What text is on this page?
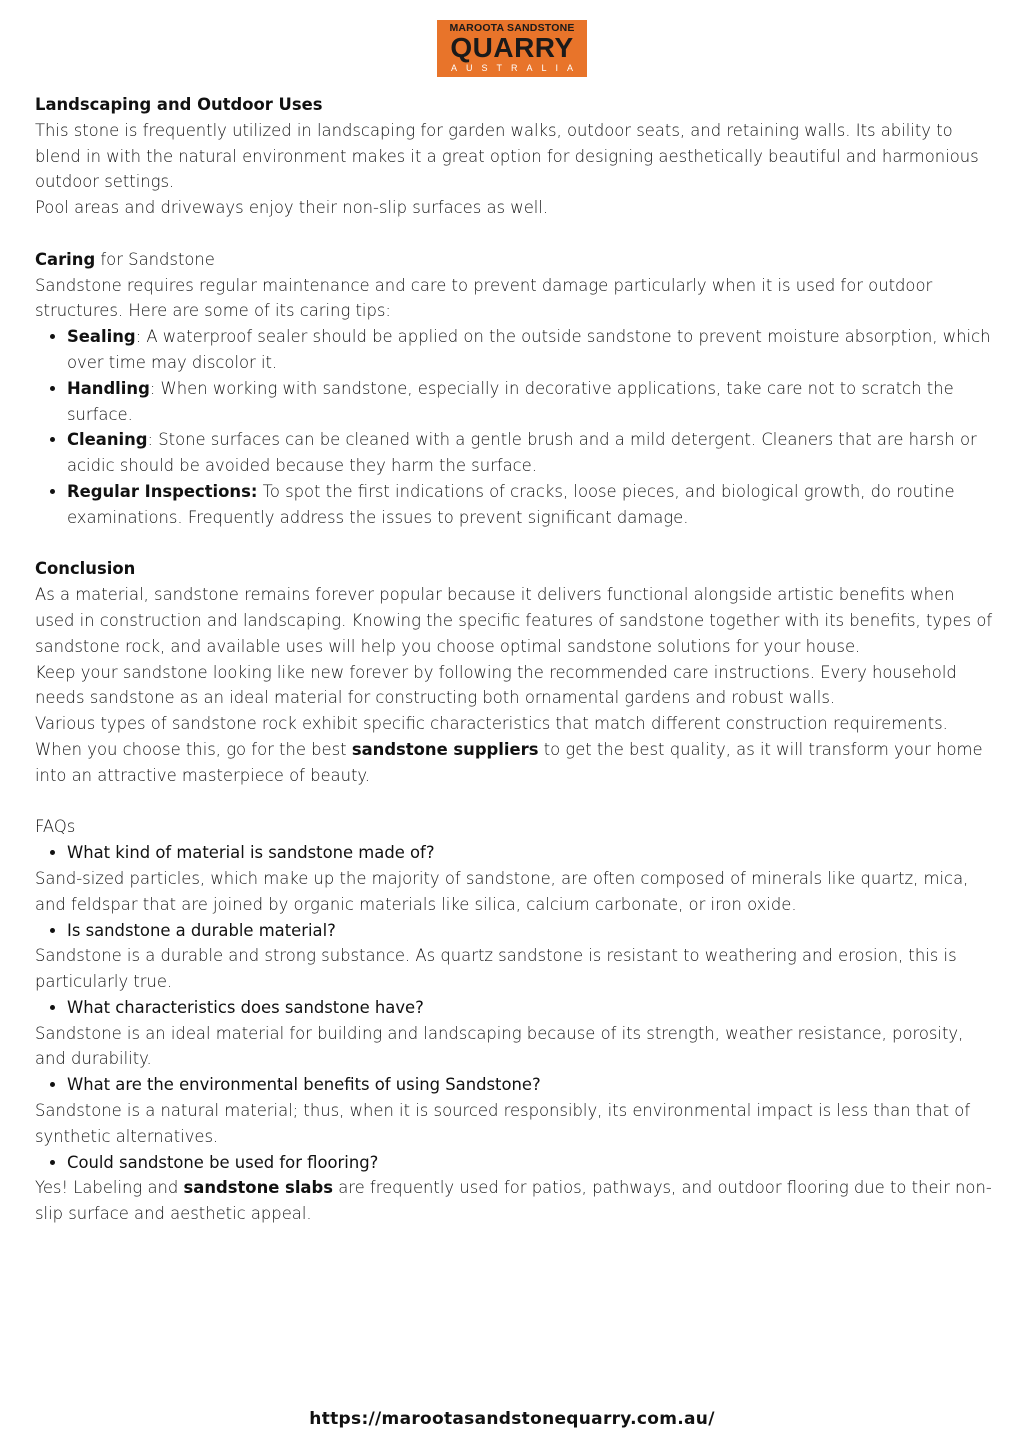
MAROOTA SANDSTONE
QUARRY
AUSTRALIA

Landscaping and Outdoor Uses

This stone is frequently utilized in landscaping for garden walks, outdoor seats, and retaining walls. Its ability to blend in with the natural environment makes it a great option for designing aesthetically beautiful and harmonious outdoor settings.

Pool areas and driveways enjoy their non-slip surfaces as well.

Caring for Sandstone

Sandstone requires regular maintenance and care to prevent damage particularly when it is used for outdoor structures. Here are some of its caring tips:

• Sealing: A waterproof sealer should be applied on the outside sandstone to prevent moisture absorption, which over time may discolor it.
• Handling: When working with sandstone, especially in decorative applications, take care not to scratch the surface.
• Cleaning: Stone surfaces can be cleaned with a gentle brush and a mild detergent. Cleaners that are harsh or acidic should be avoided because they harm the surface.
• Regular Inspections: To spot the first indications of cracks, loose pieces, and biological growth, do routine examinations. Frequently address the issues to prevent significant damage.

Conclusion

As a material, sandstone remains forever popular because it delivers functional alongside artistic benefits when used in construction and landscaping. Knowing the specific features of sandstone together with its benefits, types of sandstone rock, and available uses will help you choose optimal sandstone solutions for your house.

Keep your sandstone looking like new forever by following the recommended care instructions. Every household needs sandstone as an ideal material for constructing both ornamental gardens and robust walls.

Various types of sandstone rock exhibit specific characteristics that match different construction requirements. When you choose this, go for the best sandstone suppliers to get the best quality, as it will transform your home into an attractive masterpiece of beauty.

FAQs

• What kind of material is sandstone made of?

Sand-sized particles, which make up the majority of sandstone, are often composed of minerals like quartz, mica, and feldspar that are joined by organic materials like silica, calcium carbonate, or iron oxide.

• Is sandstone a durable material?

Sandstone is a durable and strong substance. As quartz sandstone is resistant to weathering and erosion, this is particularly true.

• What characteristics does sandstone have?

Sandstone is an ideal material for building and landscaping because of its strength, weather resistance, porosity, and durability.

• What are the environmental benefits of using Sandstone?

Sandstone is a natural material; thus, when it is sourced responsibly, its environmental impact is less than that of synthetic alternatives.

• Could sandstone be used for flooring?

Yes! Labeling and sandstone slabs are frequently used for patios, pathways, and outdoor flooring due to their non-slip surface and aesthetic appeal.

https://marootasandstonequarry.com.au/
